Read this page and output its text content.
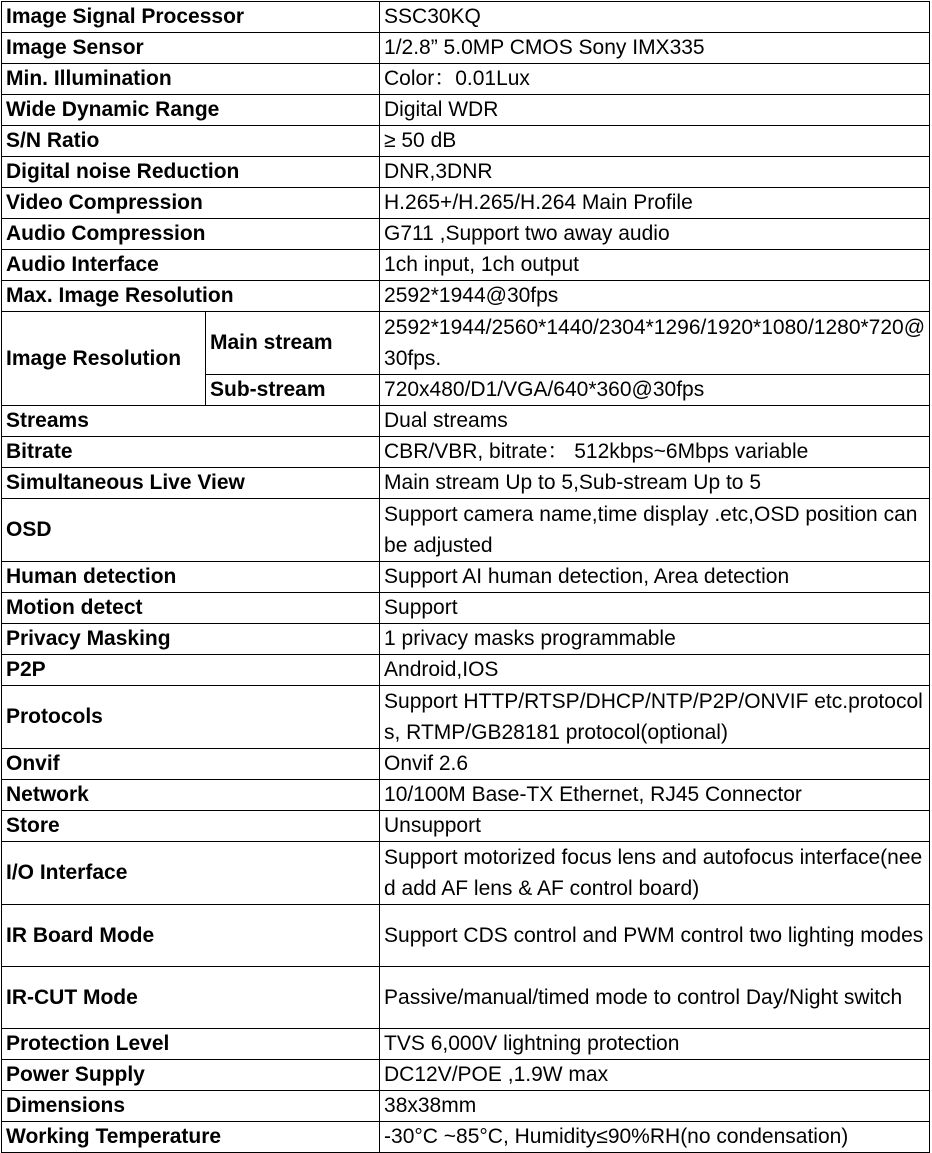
Image Signal Processor		SSC30KQ
Image Sensor		1/2.8” 5.0MP CMOS Sony IMX335
Min. Illumination		Color：0.01Lux
Wide Dynamic Range		Digital WDR
S/N Ratio		≥ 50 dB
Digital noise Reduction		DNR,3DNR
Video Compression		H.265+/H.265/H.264 Main Profile
Audio Compression		G711 ,Support two away audio
Audio Interface		1ch input, 1ch output
Max. Image Resolution		2592*1944@30fps
Image Resolution	Main stream	2592*1944/2560*1440/2304*1296/1920*1080/1280*720@30fps.
	Sub-stream	720x480/D1/VGA/640*360@30fps
Streams		Dual streams
Bitrate		CBR/VBR, bitrate： 512kbps~6Mbps variable
Simultaneous Live View		Main stream Up to 5,Sub-stream Up to 5
OSD		Support camera name,time display .etc,OSD position can be adjusted
Human detection		Support AI human detection, Area detection
Motion detect		Support
Privacy Masking		1 privacy masks programmable
P2P		Android,IOS
Protocols		Support HTTP/RTSP/DHCP/NTP/P2P/ONVIF etc.protocols, RTMP/GB28181 protocol(optional)
Onvif		Onvif 2.6
Network		10/100M Base-TX Ethernet, RJ45 Connector
Store		Unsupport
I/O Interface		Support motorized focus lens and autofocus interface(need add AF lens & AF control board)
IR Board Mode		Support CDS control and PWM control two lighting modes
IR-CUT Mode		Passive/manual/timed mode to control Day/Night switch
Protection Level		TVS 6,000V lightning protection
Power Supply		DC12V/POE ,1.9W max
Dimensions		38x38mm
Working Temperature		-30°C ~85°C, Humidity≤90%RH(no condensation)
